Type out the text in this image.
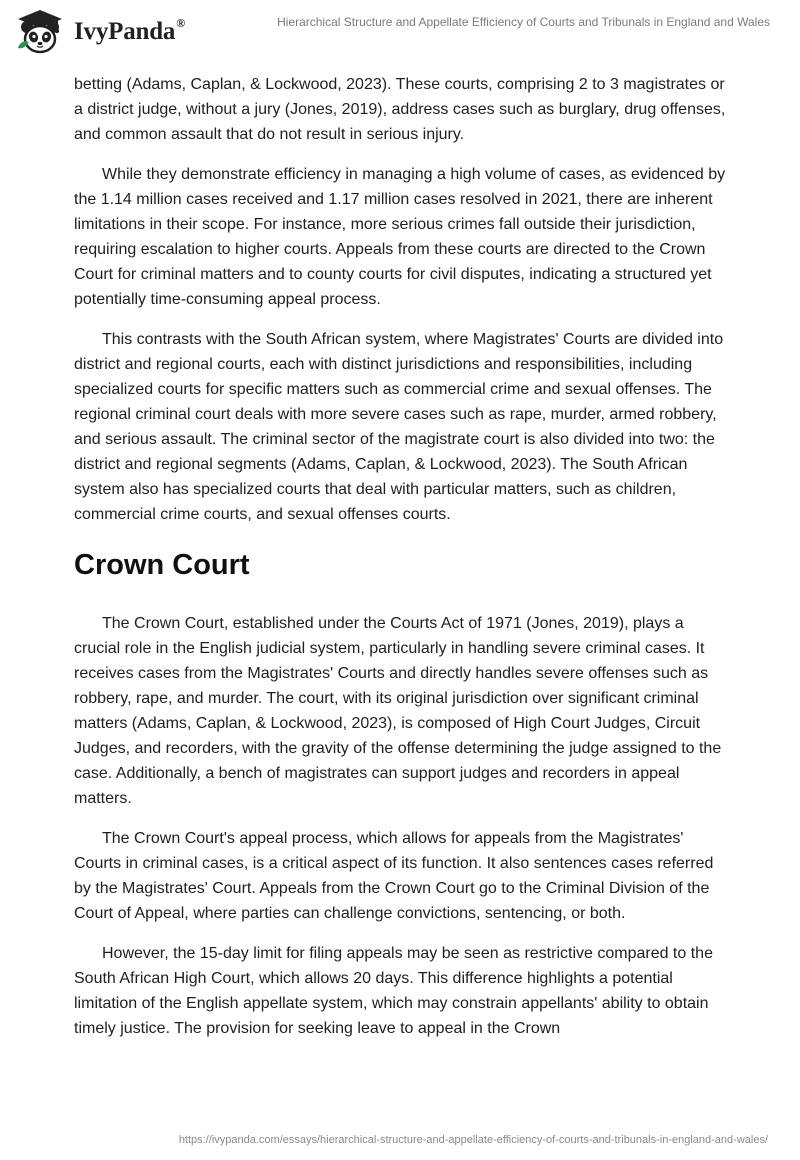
IvyPanda®	Hierarchical Structure and Appellate Efficiency of Courts and Tribunals in England and Wales

betting (Adams, Caplan, & Lockwood, 2023). These courts, comprising 2 to 3 magistrates or a district judge, without a jury (Jones, 2019), address cases such as burglary, drug offenses, and common assault that do not result in serious injury.

While they demonstrate efficiency in managing a high volume of cases, as evidenced by the 1.14 million cases received and 1.17 million cases resolved in 2021, there are inherent limitations in their scope. For instance, more serious crimes fall outside their jurisdiction, requiring escalation to higher courts. Appeals from these courts are directed to the Crown Court for criminal matters and to county courts for civil disputes, indicating a structured yet potentially time-consuming appeal process.

This contrasts with the South African system, where Magistrates' Courts are divided into district and regional courts, each with distinct jurisdictions and responsibilities, including specialized courts for specific matters such as commercial crime and sexual offenses. The regional criminal court deals with more severe cases such as rape, murder, armed robbery, and serious assault. The criminal sector of the magistrate court is also divided into two: the district and regional segments (Adams, Caplan, & Lockwood, 2023). The South African system also has specialized courts that deal with particular matters, such as children, commercial crime courts, and sexual offenses courts.

Crown Court

The Crown Court, established under the Courts Act of 1971 (Jones, 2019), plays a crucial role in the English judicial system, particularly in handling severe criminal cases. It receives cases from the Magistrates' Courts and directly handles severe offenses such as robbery, rape, and murder. The court, with its original jurisdiction over significant criminal matters (Adams, Caplan, & Lockwood, 2023), is composed of High Court Judges, Circuit Judges, and recorders, with the gravity of the offense determining the judge assigned to the case. Additionally, a bench of magistrates can support judges and recorders in appeal matters.

The Crown Court's appeal process, which allows for appeals from the Magistrates' Courts in criminal cases, is a critical aspect of its function. It also sentences cases referred by the Magistrates' Court. Appeals from the Crown Court go to the Criminal Division of the Court of Appeal, where parties can challenge convictions, sentencing, or both.

However, the 15-day limit for filing appeals may be seen as restrictive compared to the South African High Court, which allows 20 days. This difference highlights a potential limitation of the English appellate system, which may constrain appellants' ability to obtain timely justice. The provision for seeking leave to appeal in the Crown

https://ivypanda.com/essays/hierarchical-structure-and-appellate-efficiency-of-courts-and-tribunals-in-england-and-wales/
